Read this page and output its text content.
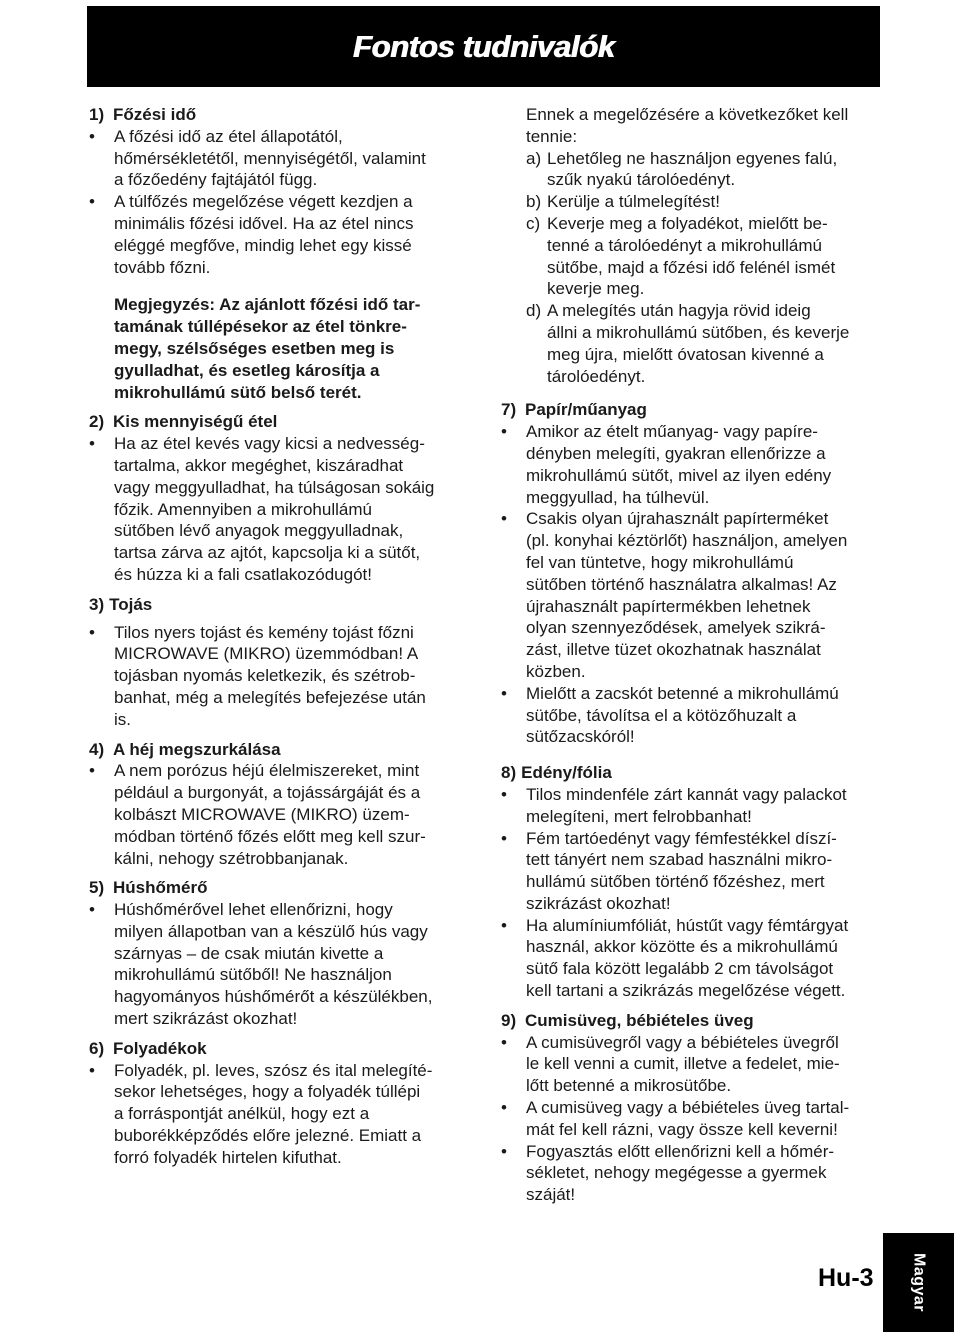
Fontos tudnivalók

1) Főzési idő

• A főzési idő az étel állapotától,
hőmérsékletétől, mennyiségétől, valamint
a főzőedény fajtájától függ.

• A túlfőzés megelőzése végett kezdjen a
minimális főzési idővel. Ha az étel nincs
eléggé megfőve, mindig lehet egy kissé
tovább főzni.

Megjegyzés: Az ajánlott főzési idő tar-
tamának túllépésekor az étel tönkre-
megy, szélsőséges esetben meg is
gyulladhat, és esetleg károsítja a
mikrohullámú sütő belső terét.

2) Kis mennyiségű étel

• Ha az étel kevés vagy kicsi a nedvesség-
tartalma, akkor megéghet, kiszáradhat
vagy meggyulladhat, ha túlságosan sokáig
főzik. Amennyiben a mikrohullámú
sütőben lévő anyagok meggyulladnak,
tartsa zárva az ajtót, kapcsolja ki a sütőt,
és húzza ki a fali csatlakozódugót!

3) Tojás

• Tilos nyers tojást és kemény tojást főzni
MICROWAVE (MIKRO) üzemmódban! A
tojásban nyomás keletkezik, és szétrob-
banhat, még a melegítés befejezése után
is.

4) A héj megszurkálása

• A nem porózus héjú élelmiszereket, mint
például a burgonyát, a tojássárgáját és a
kolbászt MICROWAVE (MIKRO) üzem-
módban történő főzés előtt meg kell szur-
kálni, nehogy szétrobbanjanak.

5) Húshőmérő

• Húshőmérővel lehet ellenőrizni, hogy
milyen állapotban van a készülő hús vagy
szárnyas – de csak miután kivette a
mikrohullámú sütőből! Ne használjon
hagyományos húshőmérőt a készülékben,
mert szikrázást okozhat!

6) Folyadékok

• Folyadék, pl. leves, szósz és ital melegíté-
sekor lehetséges, hogy a folyadék túllépi
a forráspontját anélkül, hogy ezt a
buborékképződés előre jelezné. Emiatt a
forró folyadék hirtelen kifuthat.

Ennek a megelőzésére a következőket kell
tennie:

a) Lehetőleg ne használjon egyenes falú,
szűk nyakú tárolóedényt.

b) Kerülje a túlmelegítést!

c) Keverje meg a folyadékot, mielőtt be-
tenné a tárolóedényt a mikrohullámú
sütőbe, majd a főzési idő felénél ismét
keverje meg.

d) A melegítés után hagyja rövid ideig
állni a mikrohullámú sütőben, és keverje
meg újra, mielőtt óvatosan kivenné a
tárolóedényt.

7) Papír/műanyag

• Amikor az ételt műanyag- vagy papíre-
dényben melegíti, gyakran ellenőrizze a
mikrohullámú sütőt, mivel az ilyen edény
meggyullad, ha túlhevül.

• Csakis olyan újrahasznált papírterméket
(pl. konyhai kéztörlőt) használjon, amelyen
fel van tüntetve, hogy mikrohullámú
sütőben történő használatra alkalmas! Az
újrahasznált papírtermékben lehetnek
olyan szennyeződések, amelyek szikrá-
zást, illetve tüzet okozhatnak használat
közben.

• Mielőtt a zacskót betenné a mikrohullámú
sütőbe, távolítsa el a kötözőhuzalt a
sütőzacskóról!

8) Edény/fólia

• Tilos mindenféle zárt kannát vagy palackot
melegíteni, mert felrobbanhat!

• Fém tartóedényt vagy fémfestékkel díszí-
tett tányért nem szabad használni mikro-
hullámú sütőben történő főzéshez, mert
szikrázást okozhat!

• Ha alumíniumfóliát, hústűt vagy fémtárgyat
használ, akkor közötte és a mikrohullámú
sütő fala között legalább 2 cm távolságot
kell tartani a szikrázás megelőzése végett.

9) Cumisüveg, bébiételes üveg

• A cumisüvegről vagy a bébiételes üvegről
le kell venni a cumit, illetve a fedelet, mie-
lőtt betenné a mikrosütőbe.

• A cumisüveg vagy a bébiételes üveg tartal-
mát fel kell rázni, vagy össze kell keverni!

• Fogyasztás előtt ellenőrizni kell a hőmér-
sékletet, nehogy megégesse a gyermek
száját!

Hu-3 Magyar
